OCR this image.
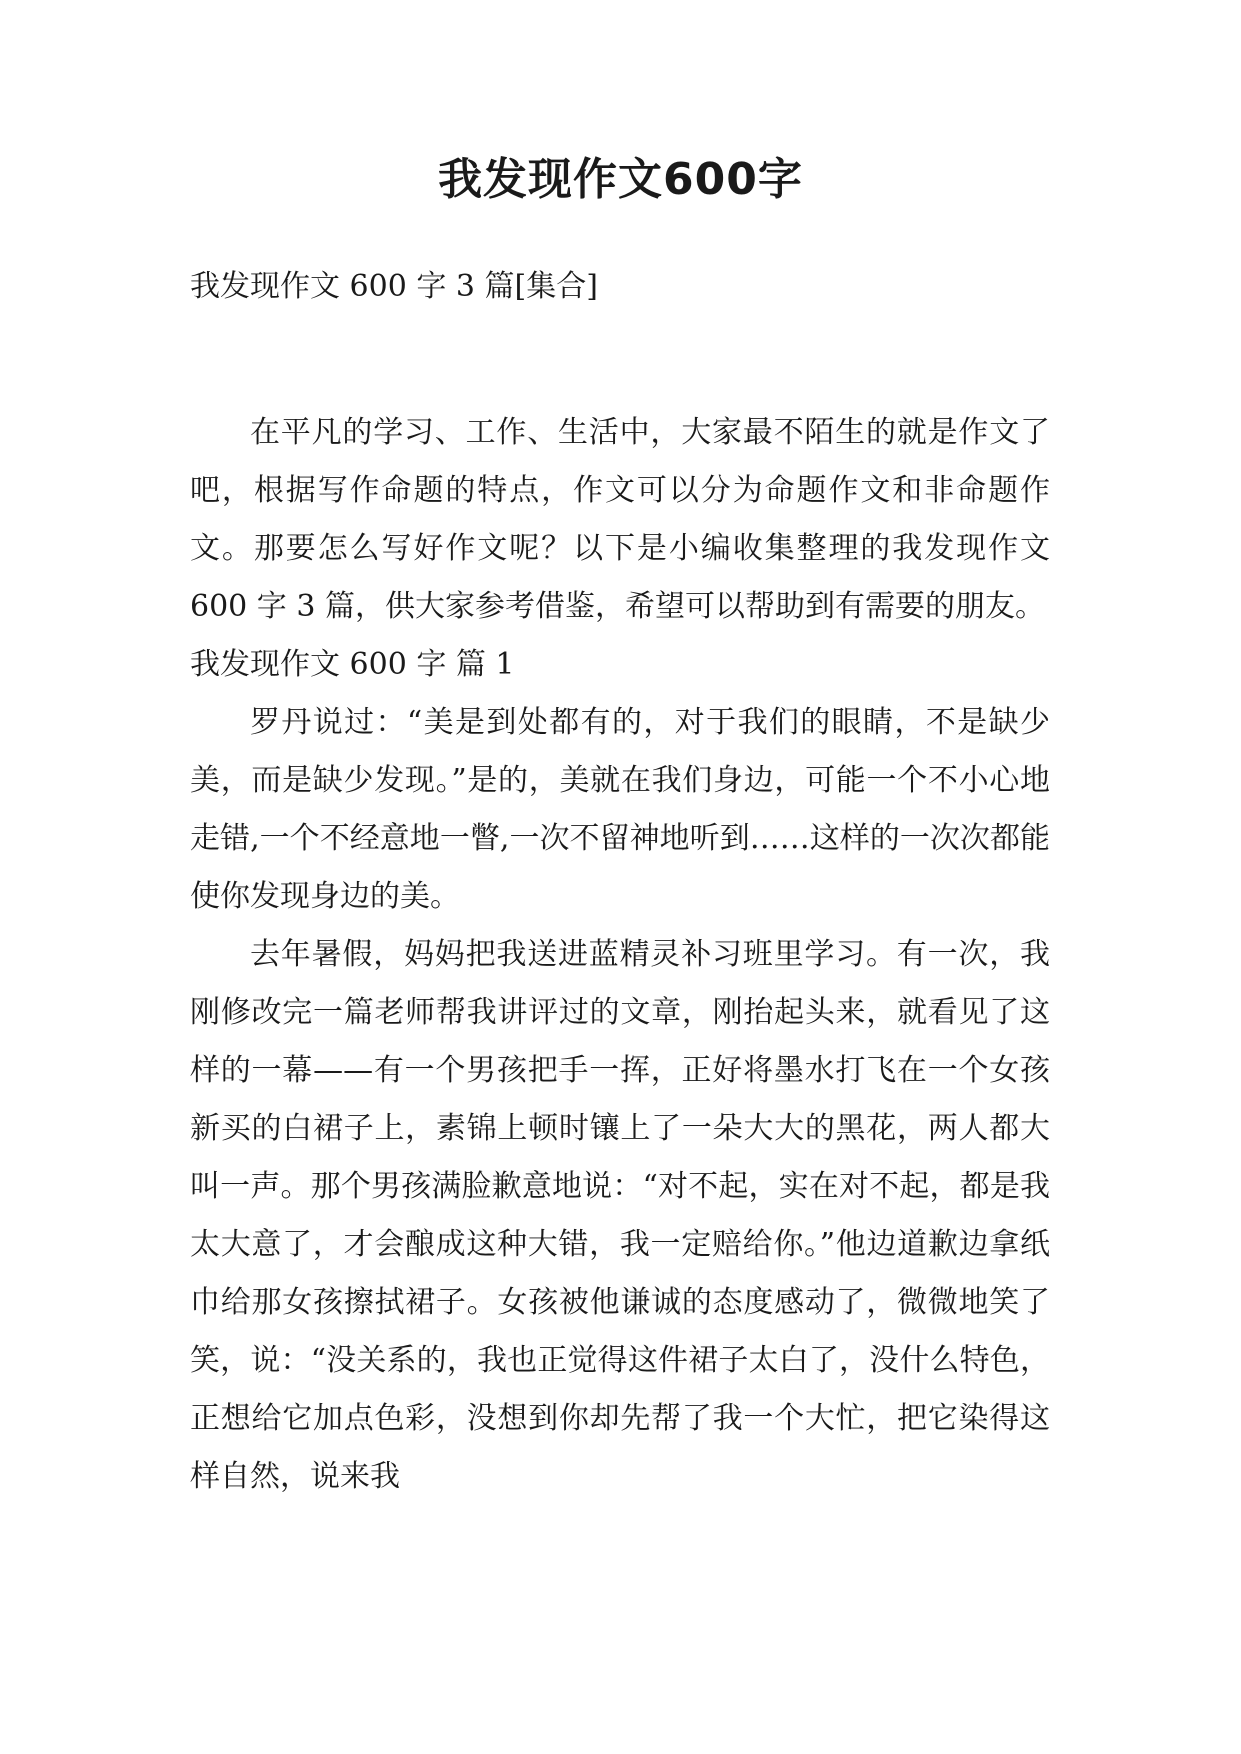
我发现作文600字
我发现作文 600 字 3 篇[集合]

在平凡的学习、工作、生活中，大家最不陌生的就是作文了吧，根据写作命题的特点，作文可以分为命题作文和非命题作文。那要怎么写好作文呢？以下是小编收集整理的我发现作文 600 字 3 篇，供大家参考借鉴，希望可以帮助到有需要的朋友。

我发现作文 600 字 篇 1

罗丹说过：“美是到处都有的，对于我们的眼睛，不是缺少美，而是缺少发现。”是的，美就在我们身边，可能一个不小心地走错,一个不经意地一瞥,一次不留神地听到……这样的一次次都能使你发现身边的美。

去年暑假，妈妈把我送进蓝精灵补习班里学习。有一次，我刚修改完一篇老师帮我讲评过的文章，刚抬起头来，就看见了这样的一幕——有一个男孩把手一挥，正好将墨水打飞在一个女孩新买的白裙子上，素锦上顿时镶上了一朵大大的黑花，两人都大叫一声。那个男孩满脸歉意地说：“对不起，实在对不起，都是我太大意了，才会酿成这种大错，我一定赔给你。”他边道歉边拿纸巾给那女孩擦拭裙子。女孩被他谦诚的态度感动了，微微地笑了笑，说：“没关系的，我也正觉得这件裙子太白了，没什么特色，正想给它加点色彩，没想到你却先帮了我一个大忙，把它染得这样自然，说来我
